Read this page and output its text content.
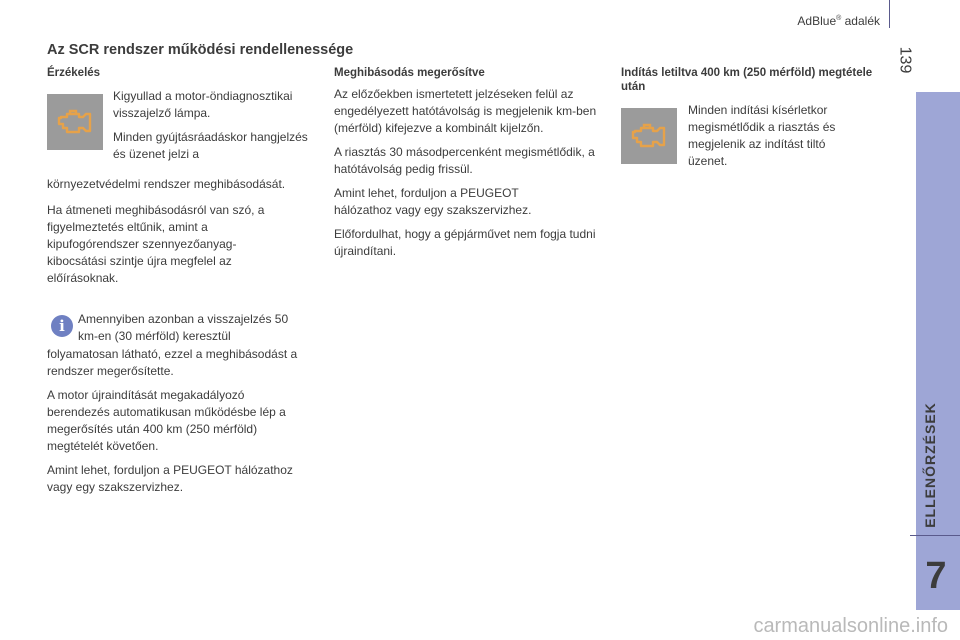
AdBlue® adalék
139
ELLENŐRZÉSEK
7
Az SCR rendszer működési rendellenessége
Érzékelés

Kigyullad a motor-öndiagnosztikai visszajelző lámpa.

Minden gyújtásráadáskor hangjelzés és üzenet jelzi a

környezetvédelmi rendszer meghibásodását.

Ha átmeneti meghibásodásról van szó, a figyelmeztetés eltűnik, amint a kipufogórendszer szennyezőanyag-kibocsátási szintje újra megfelel az előírásoknak.

i Amennyiben azonban a visszajelzés 50 km-en (30 mérföld) keresztül

folyamatosan látható, ezzel a meghibásodást a rendszer megerősítette.

A motor újraindítását megakadályozó berendezés automatikusan működésbe lép a megerősítés után 400 km (250 mérföld) megtételét követően.

Amint lehet, forduljon a PEUGEOT hálózathoz vagy egy szakszervizhez.

Meghibásodás megerősítve

Az előzőekben ismertetett jelzéseken felül az engedélyezett hatótávolság is megjelenik km-ben (mérföld) kifejezve a kombinált kijelzőn.

A riasztás 30 másodpercenként megismétlődik, a hatótávolság pedig frissül.

Amint lehet, forduljon a PEUGEOT hálózathoz vagy egy szakszervizhez.

Előfordulhat, hogy a gépjárművet nem fogja tudni újraindítani.

Indítás letiltva 400 km (250 mérföld) megtétele után

Minden indítási kísérletkor megismétlődik a riasztás és megjelenik az indítást tiltó üzenet.

carmanualsonline.info
